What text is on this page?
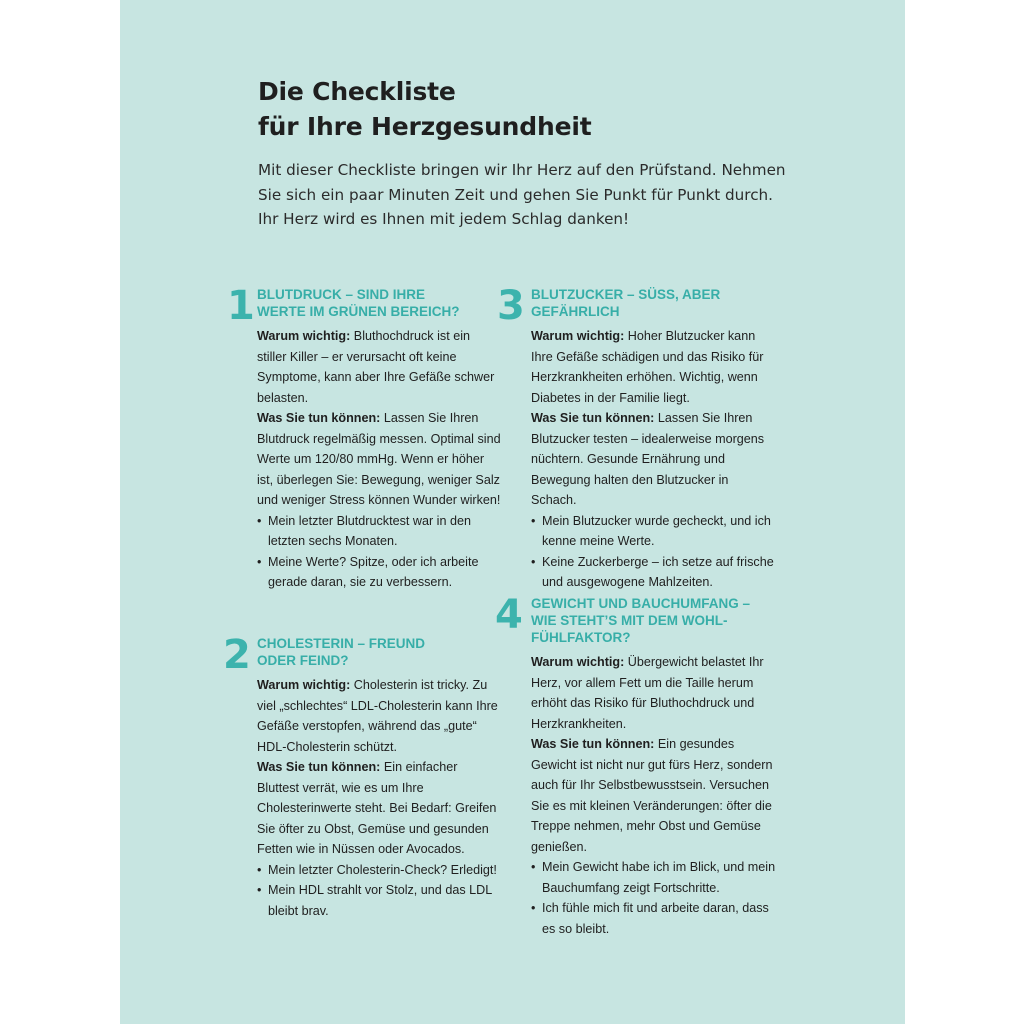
Die Checkliste
für Ihre Herzgesundheit

Mit dieser Checkliste bringen wir Ihr Herz auf den Prüfstand. Nehmen Sie sich ein paar Minuten Zeit und gehen Sie Punkt für Punkt durch. Ihr Herz wird es Ihnen mit jedem Schlag danken!

1 BLUTDRUCK – SIND IHRE
WERTE IM GRÜNEN BEREICH?

Warum wichtig: Bluthochdruck ist ein stiller Killer – er verursacht oft keine Symptome, kann aber Ihre Gefäße schwer belasten.

Was Sie tun können: Lassen Sie Ihren Blutdruck regelmäßig messen. Optimal sind Werte um 120/80 mmHg. Wenn er höher ist, überlegen Sie: Bewegung, weniger Salz und weniger Stress können Wunder wirken!

• Mein letzter Blutdrucktest war in den letzten sechs Monaten.
• Meine Werte? Spitze, oder ich arbeite gerade daran, sie zu verbessern.
2 CHOLESTERIN – FREUND
ODER FEIND?

Warum wichtig: Cholesterin ist tricky. Zu viel „schlechtes“ LDL-Cholesterin kann Ihre Gefäße verstopfen, während das „gute“ HDL-Cholesterin schützt.

Was Sie tun können: Ein einfacher Bluttest verrät, wie es um Ihre Cholesterinwerte steht. Bei Bedarf: Greifen Sie öfter zu Obst, Gemüse und gesunden Fetten wie in Nüssen oder Avocados.

• Mein letzter Cholesterin-Check? Erledigt!
• Mein HDL strahlt vor Stolz, und das LDL bleibt brav.
3 BLUTZUCKER – SÜSS, ABER
GEFÄHRLICH

Warum wichtig: Hoher Blutzucker kann Ihre Gefäße schädigen und das Risiko für Herzkrankheiten erhöhen. Wichtig, wenn Diabetes in der Familie liegt.

Was Sie tun können: Lassen Sie Ihren Blutzucker testen – idealerweise morgens nüchtern. Gesunde Ernährung und Bewegung halten den Blutzucker in Schach.

• Mein Blutzucker wurde gecheckt, und ich kenne meine Werte.
• Keine Zuckerberge – ich setze auf frische und ausgewogene Mahlzeiten.
4 GEWICHT UND BAUCHUMFANG –
WIE STEHT’S MIT DEM WOHL-
FÜHLFAKTOR?

Warum wichtig: Übergewicht belastet Ihr Herz, vor allem Fett um die Taille herum erhöht das Risiko für Bluthochdruck und Herzkrankheiten.

Was Sie tun können: Ein gesundes Gewicht ist nicht nur gut fürs Herz, sondern auch für Ihr Selbstbewusstsein. Versuchen Sie es mit kleinen Veränderungen: öfter die Treppe nehmen, mehr Obst und Gemüse genießen.

• Mein Gewicht habe ich im Blick, und mein Bauchumfang zeigt Fortschritte.
• Ich fühle mich fit und arbeite daran, dass es so bleibt.
